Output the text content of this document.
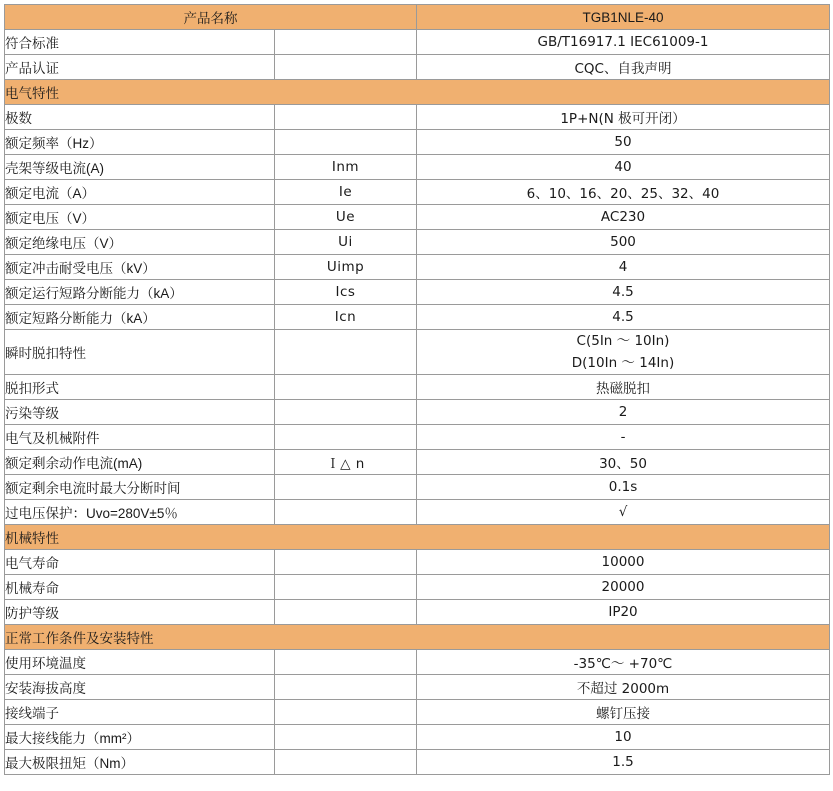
产品名称		TGB1NLE-40
符合标准		GB/T16917.1 IEC61009-1
产品认证		CQC、自我声明
电气特性		
极数		1P+N(N 极可开闭）
额定频率（Hz）		50
壳架等级电流(A)	Inm	40
额定电流（A）	Ie	6、10、16、20、25、32、40
额定电压（V）	Ue	AC230
额定绝缘电压（V）	Ui	500
额定冲击耐受电压（kV）	Uimp	4
额定运行短路分断能力（kA）	Ics	4.5
额定短路分断能力（kA）	Icn	4.5
瞬时脱扣特性		C(5In ～ 10In)
D(10In ～ 14In)

脱扣形式		热磁脱扣
污染等级		2
电气及机械附件		-
额定剩余动作电流(mA)	Ｉ△ n	30、50
额定剩余电流时最大分断时间		0.1s
过电压保护：Uvo=280V±5％		√
机械特性		
电气寿命		10000
机械寿命		20000
防护等级		IP20
正常工作条件及安装特性		
使用环境温度		-35℃～ +70℃
安装海拔高度		不超过 2000m
接线端子		螺钉压接
最大接线能力（mm²）		10
最大极限扭矩（Nm）		1.5
